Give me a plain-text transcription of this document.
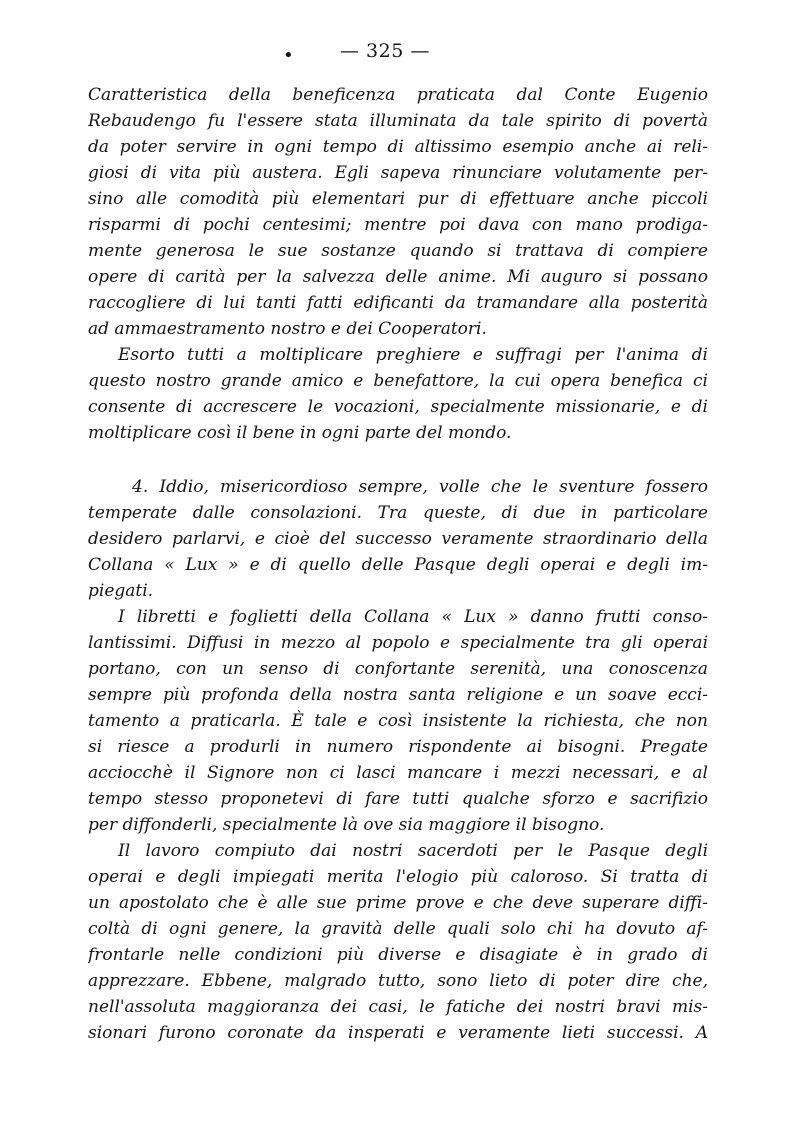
• — 325 —
Caratteristica della beneficenza praticata dal Conte Eugenio
Rebaudengo fu l'essere stata illuminata da tale spirito di povertà
da poter servire in ogni tempo di altissimo esempio anche ai reli-
giosi di vita più austera. Egli sapeva rinunciare volutamente per-
sino alle comodità più elementari pur di effettuare anche piccoli
risparmi di pochi centesimi; mentre poi dava con mano prodiga-
mente generosa le sue sostanze quando si trattava di compiere
opere di carità per la salvezza delle anime. Mi auguro si possano
raccogliere di lui tanti fatti edificanti da tramandare alla posterità
ad ammaestramento nostro e dei Cooperatori.
Esorto tutti a moltiplicare preghiere e suffragi per l'anima di
questo nostro grande amico e benefattore, la cui opera benefica ci
consente di accrescere le vocazioni, specialmente missionarie, e di
moltiplicare così il bene in ogni parte del mondo.
4. Iddio, misericordioso sempre, volle che le sventure fossero
temperate dalle consolazioni. Tra queste, di due in particolare
desidero parlarvi, e cioè del successo veramente straordinario della
Collana « Lux » e di quello delle Pasque degli operai e degli im-
piegati.
I libretti e foglietti della Collana « Lux » danno frutti conso-
lantissimi. Diffusi in mezzo al popolo e specialmente tra gli operai
portano, con un senso di confortante serenità, una conoscenza
sempre più profonda della nostra santa religione e un soave ecci-
tamento a praticarla. È tale e così insistente la richiesta, che non
si riesce a produrli in numero rispondente ai bisogni. Pregate
acciocchè il Signore non ci lasci mancare i mezzi necessari, e al
tempo stesso proponetevi di fare tutti qualche sforzo e sacrifizio
per diffonderli, specialmente là ove sia maggiore il bisogno.
Il lavoro compiuto dai nostri sacerdoti per le Pasque degli
operai e degli impiegati merita l'elogio più caloroso. Si tratta di
un apostolato che è alle sue prime prove e che deve superare diffi-
coltà di ogni genere, la gravità delle quali solo chi ha dovuto af-
frontarle nelle condizioni più diverse e disagiate è in grado di
apprezzare. Ebbene, malgrado tutto, sono lieto di poter dire che,
nell'assoluta maggioranza dei casi, le fatiche dei nostri bravi mis-
sionari furono coronate da insperati e veramente lieti successi. A
